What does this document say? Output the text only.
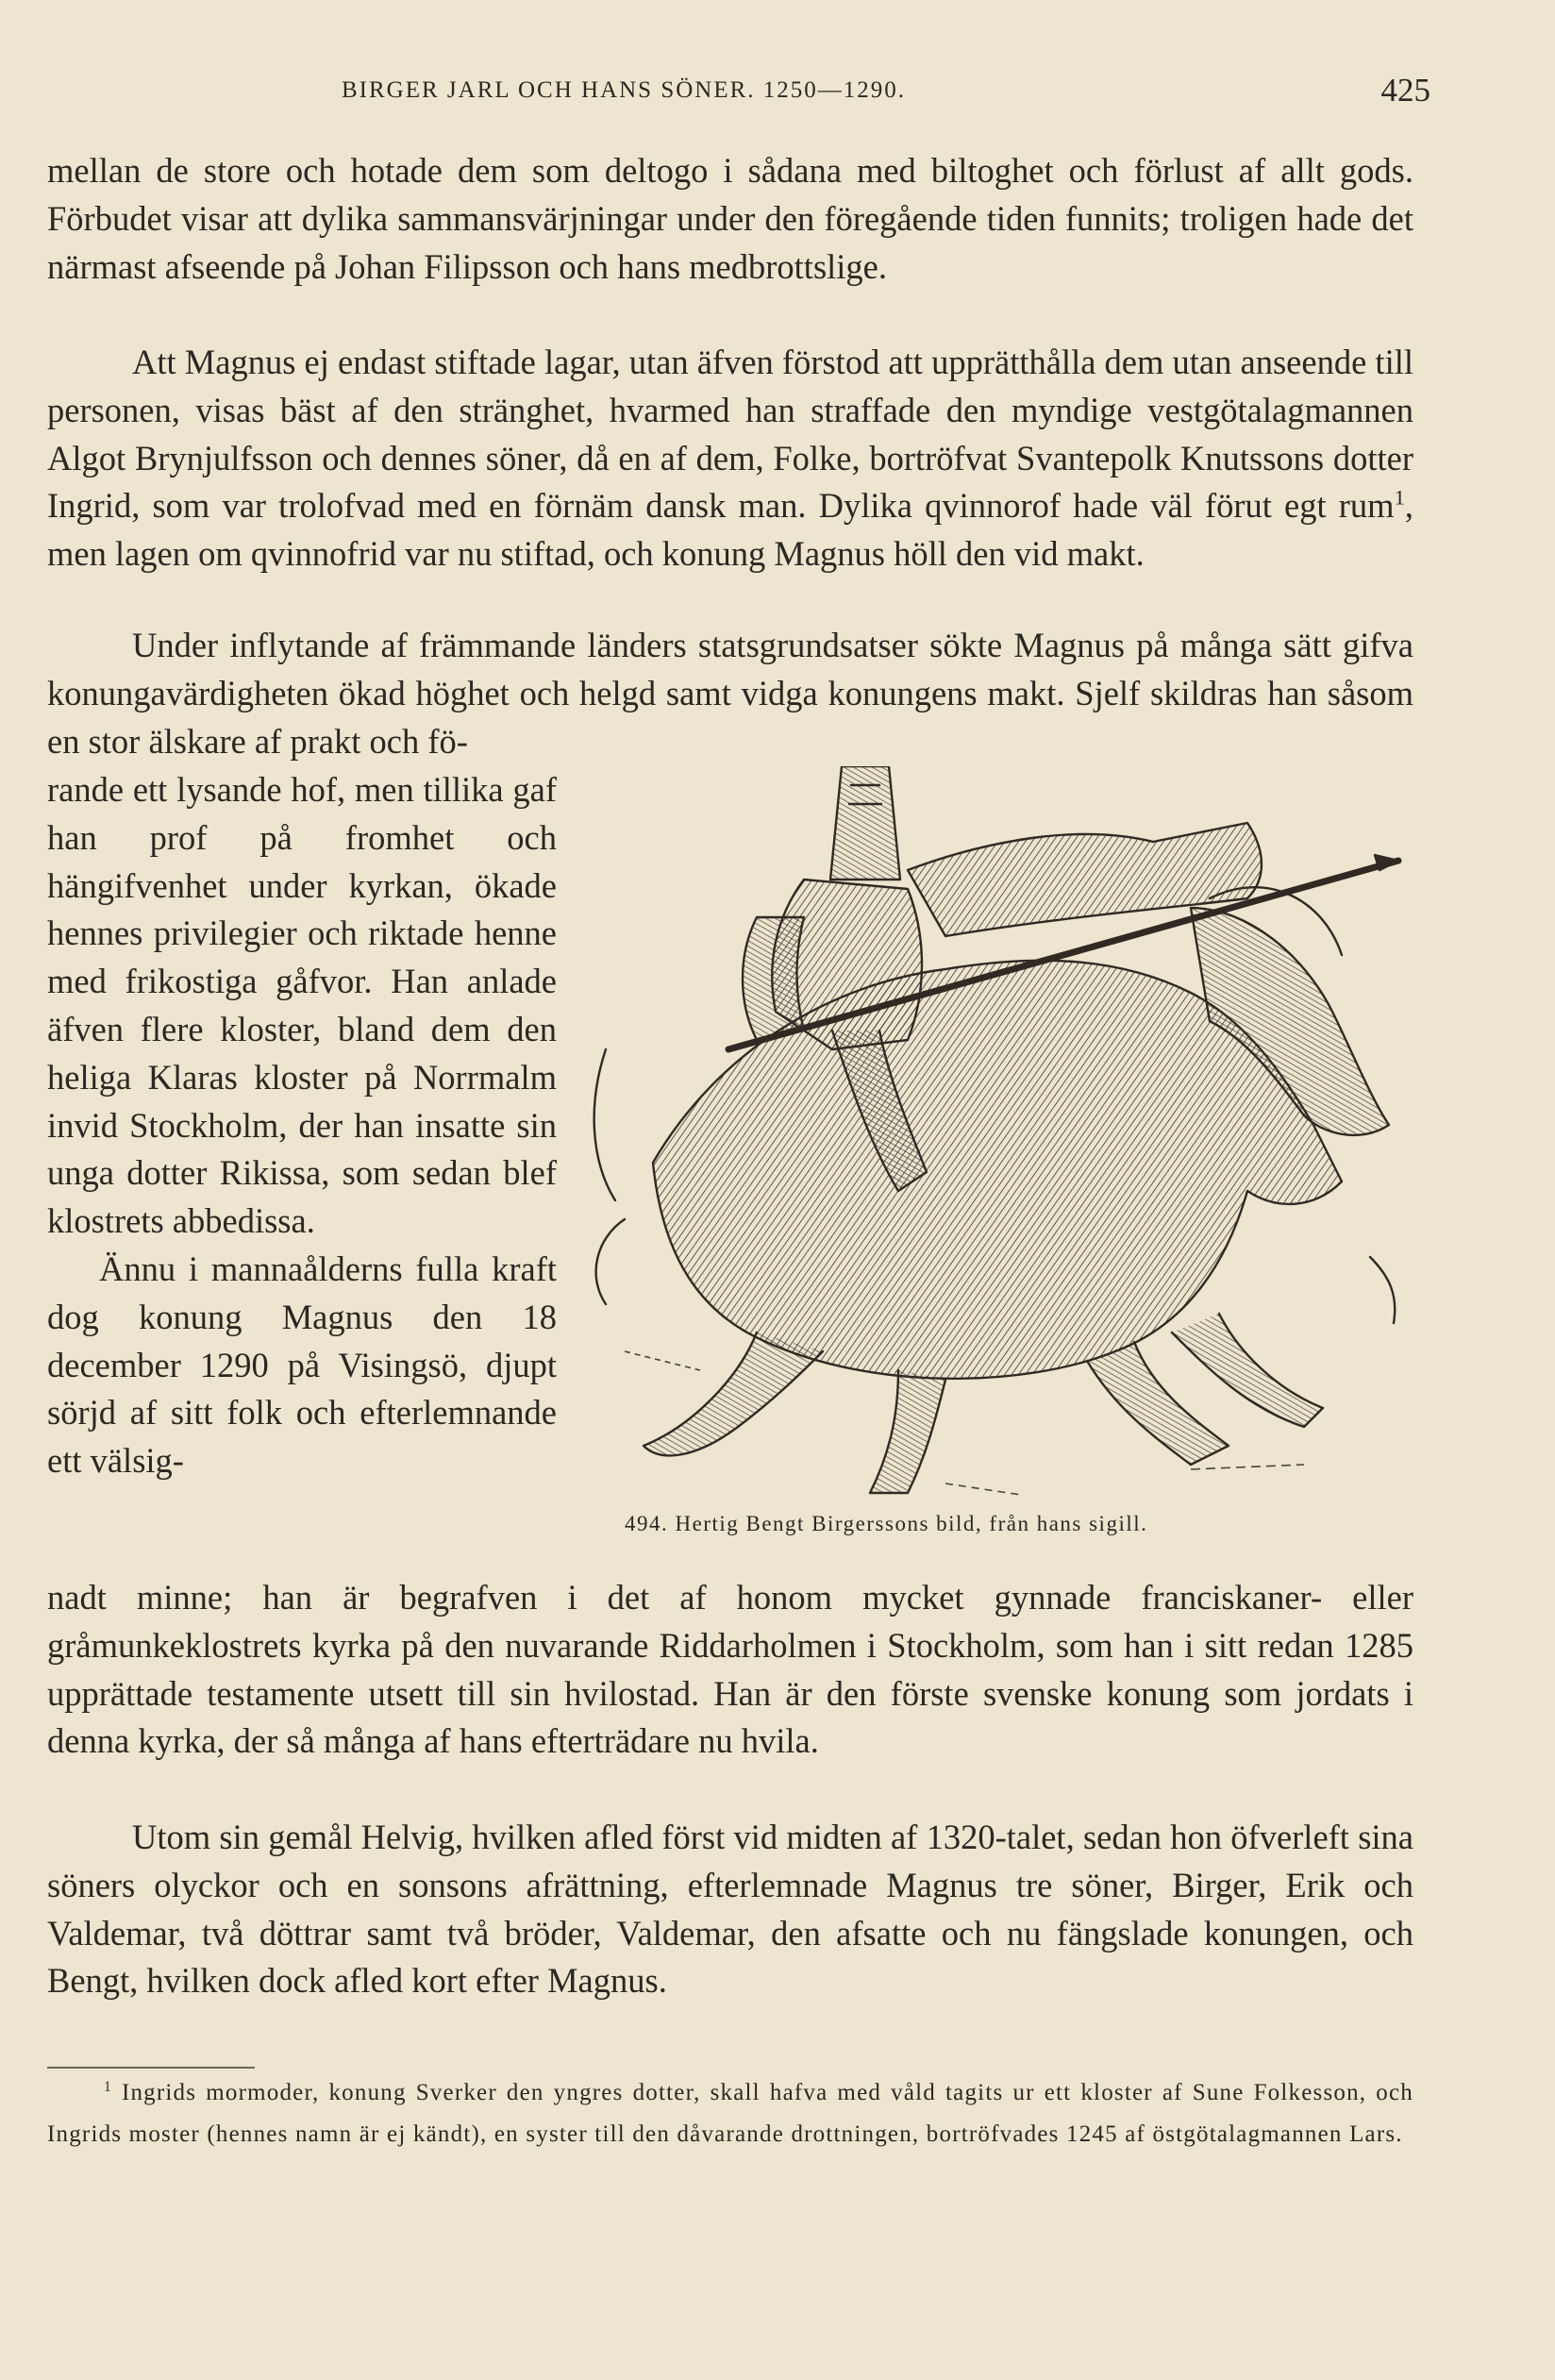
BIRGER JARL OCH HANS SÖNER. 1250—1290.	425

mellan de store och hotade dem som deltogo i sådana med biltoghet och förlust af allt gods. Förbudet visar att dylika sammansvärjningar under den föregående tiden funnits; troligen hade det närmast afseende på Johan Filipsson och hans medbrottslige.

Att Magnus ej endast stiftade lagar, utan äfven förstod att upprätthålla dem utan anseende till personen, visas bäst af den stränghet, hvarmed han straffade den myndige vestgötalagmannen Algot Brynjulfsson och dennes söner, då en af dem, Folke, bortröfvat Svantepolk Knutssons dotter Ingrid, som var trolofvad med en förnäm dansk man. Dylika qvinnorof hade väl förut egt rum$^1$, men lagen om qvinnofrid var nu stiftad, och konung Magnus höll den vid makt.

Under inflytande af främmande länders statsgrundsatser sökte Magnus på många sätt gifva konungavärdigheten ökad höghet och helgd samt vidga konungens makt. Sjelf skildras han såsom en stor älskare af prakt och fö-

rande ett lysande hof, men tillika gaf han prof på fromhet och hängifvenhet under kyrkan, ökade hennes privilegier och riktade henne med frikostiga gåfvor. Han anlade äfven flere kloster, bland dem den heliga Klaras kloster på Norrmalm invid Stockholm, der han insatte sin unga dotter Rikissa, som sedan blef klostrets abbedissa.

Ännu i mannaålderns fulla kraft dog konung Magnus den 18 december 1290 på Visingsö, djupt sörjd af sitt folk och efterlemnande ett välsig-

494. Hertig Bengt Birgerssons bild, från hans sigill.

nadt minne; han är begrafven i det af honom mycket gynnade franciskaner- eller gråmunkeklostrets kyrka på den nuvarande Riddarholmen i Stockholm, som han i sitt redan 1285 upprättade testamente utsett till sin hvilostad. Han är den förste svenske konung som jordats i denna kyrka, der så många af hans efterträdare nu hvila.

Utom sin gemål Helvig, hvilken afled först vid midten af 1320-talet, sedan hon öfverleft sina söners olyckor och en sonsons afrättning, efterlemnade Magnus tre söner, Birger, Erik och Valdemar, två döttrar samt två bröder, Valdemar, den afsatte och nu fängslade konungen, och Bengt, hvilken dock afled kort efter Magnus.

$^1$ Ingrids mormoder, konung Sverker den yngres dotter, skall hafva med våld tagits ur ett kloster af Sune Folkesson, och Ingrids moster (hennes namn är ej kändt), en syster till den dåvarande drottningen, bortröfvades 1245 af östgötalagmannen Lars.
